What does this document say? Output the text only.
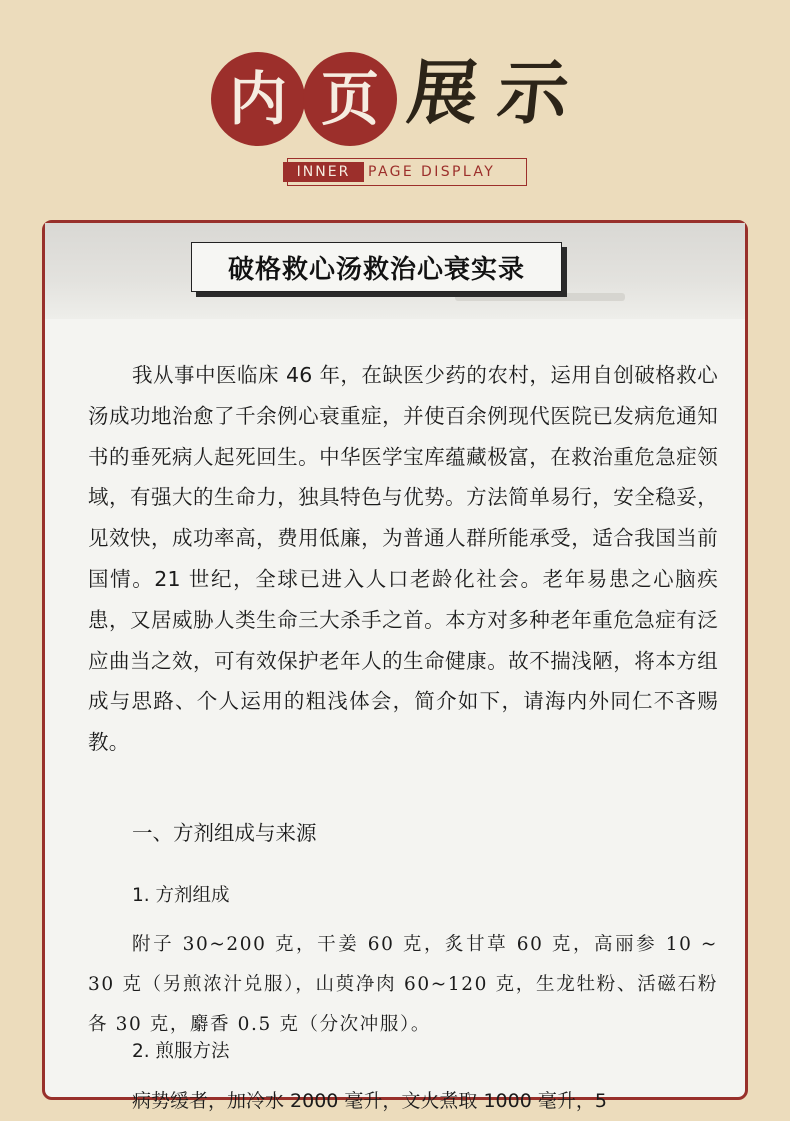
内 页 展 示
INNER	PAGE DISPLAY
破格救心汤救治心衰实录

我从事中医临床 46 年，在缺医少药的农村，运用自创破格救心汤成功地治愈了千余例心衰重症，并使百余例现代医院已发病危通知书的垂死病人起死回生。中华医学宝库蕴藏极富，在救治重危急症领域，有强大的生命力，独具特色与优势。方法简单易行，安全稳妥，见效快，成功率高，费用低廉，为普通人群所能承受，适合我国当前国情。21 世纪，全球已进入人口老龄化社会。老年易患之心脑疾患，又居威胁人类生命三大杀手之首。本方对多种老年重危急症有泛应曲当之效，可有效保护老年人的生命健康。故不揣浅陋，将本方组成与思路、个人运用的粗浅体会，简介如下，请海内外同仁不吝赐教。

一、方剂组成与来源

1. 方剂组成

附子 30~200 克，干姜 60 克，炙甘草 60 克，高丽参 10 ~ 30 克（另煎浓汁兑服），山萸净肉 60~120 克，生龙牡粉、活磁石粉各 30 克，麝香 0.5 克（分次冲服）。

2. 煎服方法

病势缓者，加冷水 2000 毫升，文火煮取 1000 毫升，5
